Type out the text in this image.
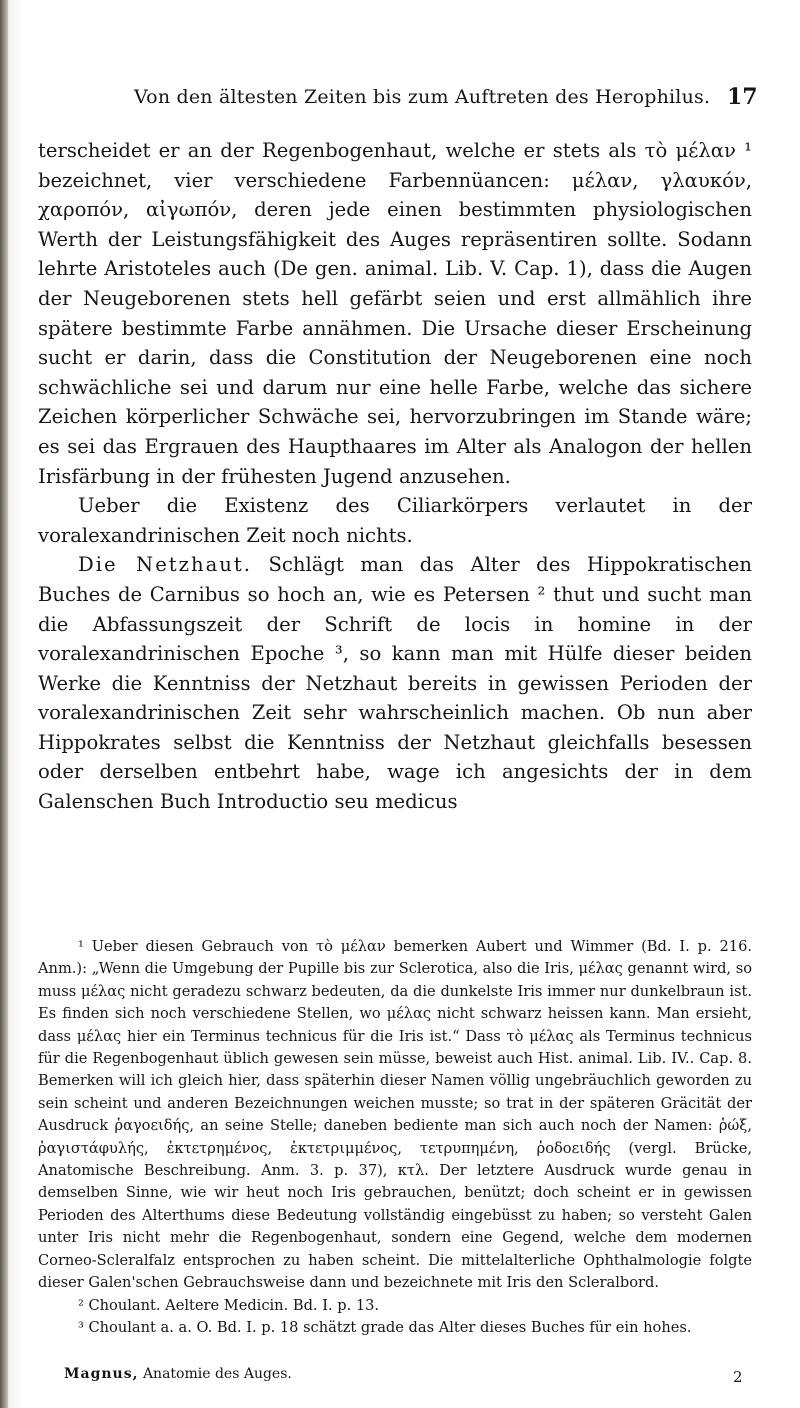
Von den ältesten Zeiten bis zum Auftreten des Herophilus. 17

terscheidet er an der Regenbogenhaut, welche er stets als τὸ μέλαν ¹ bezeichnet, vier verschiedene Farbennüancen: μέλαν, γλαυκόν, χαροπόν, αἰγωπόν, deren jede einen bestimmten physiologischen Werth der Leistungsfähigkeit des Auges repräsentiren sollte. Sodann lehrte Aristoteles auch (De gen. animal. Lib. V. Cap. 1), dass die Augen der Neugeborenen stets hell gefärbt seien und erst allmählich ihre spätere bestimmte Farbe annähmen. Die Ursache dieser Erscheinung sucht er darin, dass die Constitution der Neugeborenen eine noch schwächliche sei und darum nur eine helle Farbe, welche das sichere Zeichen körperlicher Schwäche sei, hervorzubringen im Stande wäre; es sei das Ergrauen des Haupthaares im Alter als Analogon der hellen Irisfärbung in der frühesten Jugend anzusehen.

Ueber die Existenz des Ciliarkörpers verlautet in der voralexandrinischen Zeit noch nichts.

Die Netzhaut. Schlägt man das Alter des Hippokratischen Buches de Carnibus so hoch an, wie es Petersen ² thut und sucht man die Abfassungszeit der Schrift de locis in homine in der voralexandrinischen Epoche ³, so kann man mit Hülfe dieser beiden Werke die Kenntniss der Netzhaut bereits in gewissen Perioden der voralexandrinischen Zeit sehr wahrscheinlich machen. Ob nun aber Hippokrates selbst die Kenntniss der Netzhaut gleichfalls besessen oder derselben entbehrt habe, wage ich angesichts der in dem Galenschen Buch Introductio seu medicus

¹ Ueber diesen Gebrauch von τὸ μέλαν bemerken Aubert und Wimmer (Bd. I. p. 216. Anm.): „Wenn die Umgebung der Pupille bis zur Sclerotica, also die Iris, μέλας genannt wird, so muss μέλας nicht geradezu schwarz bedeuten, da die dunkelste Iris immer nur dunkelbraun ist. Es finden sich noch verschiedene Stellen, wo μέλας nicht schwarz heissen kann. Man ersieht, dass μέλας hier ein Terminus technicus für die Iris ist.“ Dass τὸ μέλας als Terminus technicus für die Regenbogenhaut üblich gewesen sein müsse, beweist auch Hist. animal. Lib. IV.. Cap. 8. Bemerken will ich gleich hier, dass späterhin dieser Namen völlig ungebräuchlich geworden zu sein scheint und anderen Bezeichnungen weichen musste; so trat in der späteren Gräcität der Ausdruck ῥαγοειδής, an seine Stelle; daneben bediente man sich auch noch der Namen: ῥώξ, ῥαγιστάφυλής, ἐκτετρημένος, ἐκτετριμμένος, τετρυπημένη, ῥοδοειδής (vergl. Brücke, Anatomische Beschreibung. Anm. 3. p. 37), κτλ. Der letztere Ausdruck wurde genau in demselben Sinne, wie wir heut noch Iris gebrauchen, benützt; doch scheint er in gewissen Perioden des Alterthums diese Bedeutung vollständig eingebüsst zu haben; so versteht Galen unter Iris nicht mehr die Regenbogenhaut, sondern eine Gegend, welche dem modernen Corneo-Scleralfalz entsprochen zu haben scheint. Die mittelalterliche Ophthalmologie folgte dieser Galen'schen Gebrauchsweise dann und bezeichnete mit Iris den Scleralbord.

² Choulant. Aeltere Medicin. Bd. I. p. 13.

³ Choulant a. a. O. Bd. I. p. 18 schätzt grade das Alter dieses Buches für ein hohes.

Magnus, Anatomie des Auges.	2
